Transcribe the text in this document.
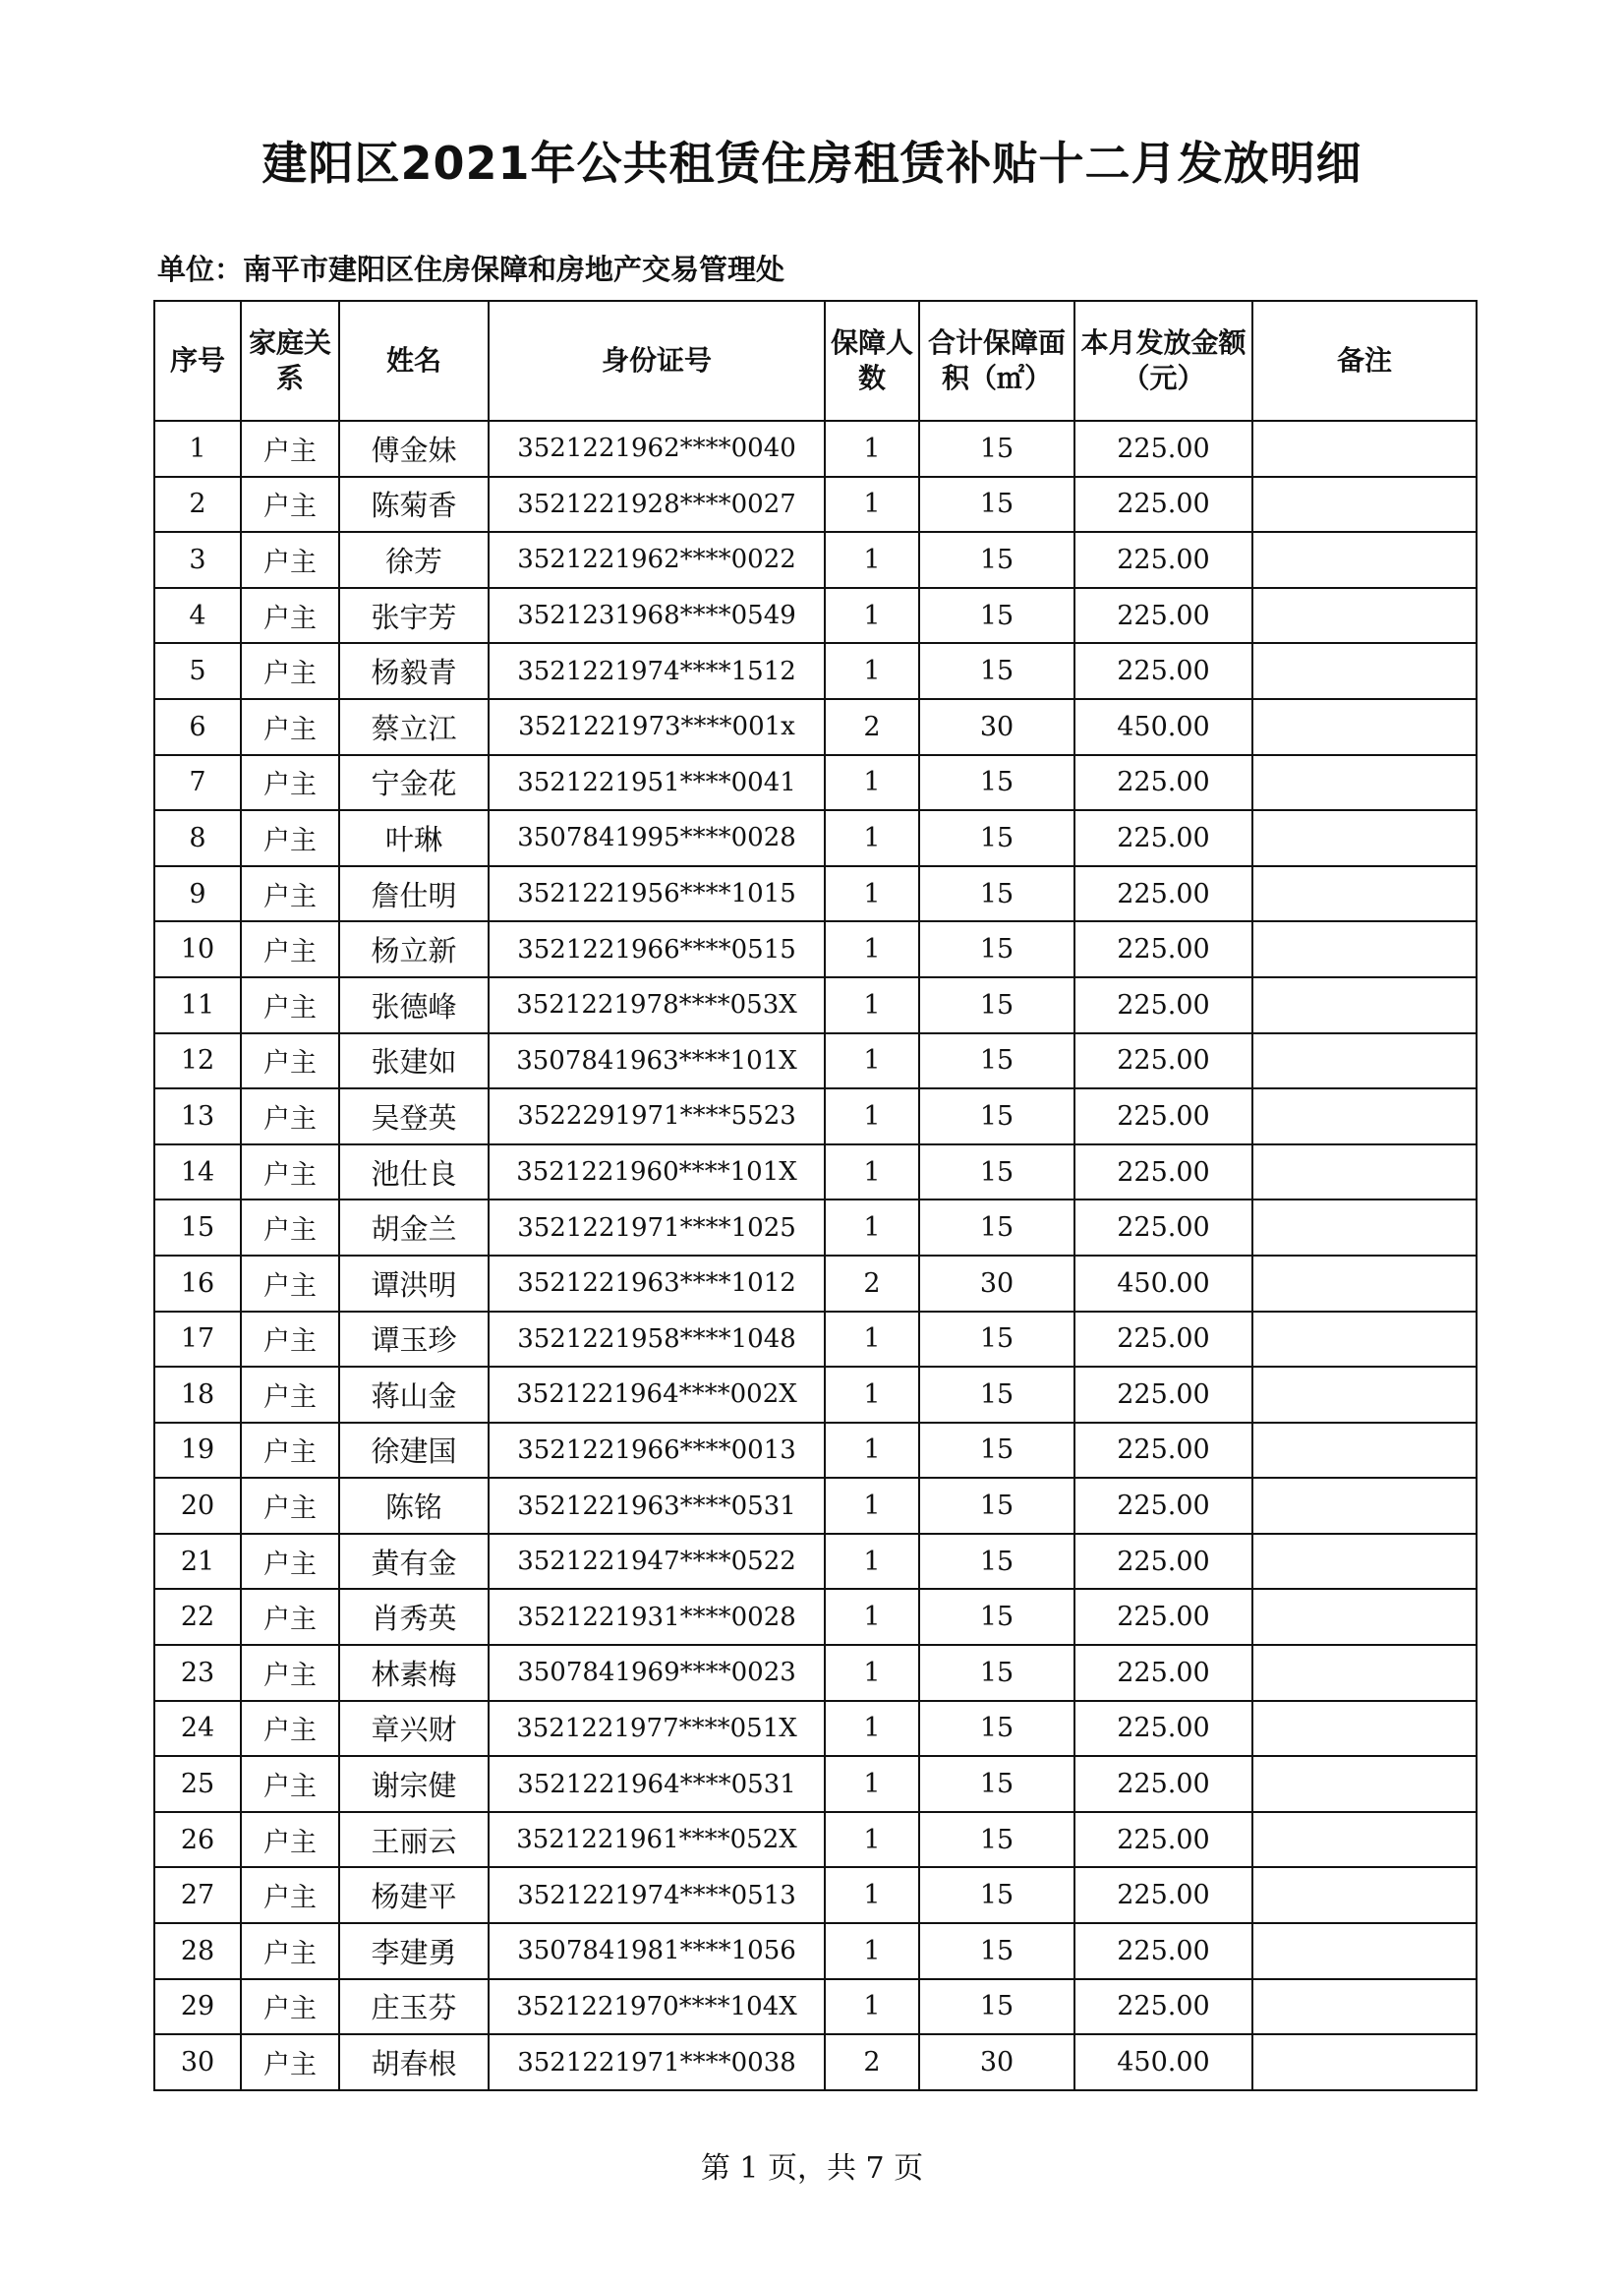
建阳区2021年公共租赁住房租赁补贴十二月发放明细
单位：南平市建阳区住房保障和房地产交易管理处
序号	家庭关系	姓名	身份证号	保障人数	合计保障面积（㎡）	本月发放金额（元）	备注
1	户主	傅金妹	3521221962****0040	1	15	225.00	
2	户主	陈菊香	3521221928****0027	1	15	225.00	
3	户主	徐芳	3521221962****0022	1	15	225.00	
4	户主	张宇芳	3521231968****0549	1	15	225.00	
5	户主	杨毅青	3521221974****1512	1	15	225.00	
6	户主	蔡立江	3521221973****001x	2	30	450.00	
7	户主	宁金花	3521221951****0041	1	15	225.00	
8	户主	叶琳	3507841995****0028	1	15	225.00	
9	户主	詹仕明	3521221956****1015	1	15	225.00	
10	户主	杨立新	3521221966****0515	1	15	225.00	
11	户主	张德峰	3521221978****053X	1	15	225.00	
12	户主	张建如	3507841963****101X	1	15	225.00	
13	户主	吴登英	3522291971****5523	1	15	225.00	
14	户主	池仕良	3521221960****101X	1	15	225.00	
15	户主	胡金兰	3521221971****1025	1	15	225.00	
16	户主	谭洪明	3521221963****1012	2	30	450.00	
17	户主	谭玉珍	3521221958****1048	1	15	225.00	
18	户主	蒋山金	3521221964****002X	1	15	225.00	
19	户主	徐建国	3521221966****0013	1	15	225.00	
20	户主	陈铭	3521221963****0531	1	15	225.00	
21	户主	黄有金	3521221947****0522	1	15	225.00	
22	户主	肖秀英	3521221931****0028	1	15	225.00	
23	户主	林素梅	3507841969****0023	1	15	225.00	
24	户主	章兴财	3521221977****051X	1	15	225.00	
25	户主	谢宗健	3521221964****0531	1	15	225.00	
26	户主	王丽云	3521221961****052X	1	15	225.00	
27	户主	杨建平	3521221974****0513	1	15	225.00	
28	户主	李建勇	3507841981****1056	1	15	225.00	
29	户主	庄玉芬	3521221970****104X	1	15	225.00	
30	户主	胡春根	3521221971****0038	2	30	450.00	
第 1 页，共 7 页
